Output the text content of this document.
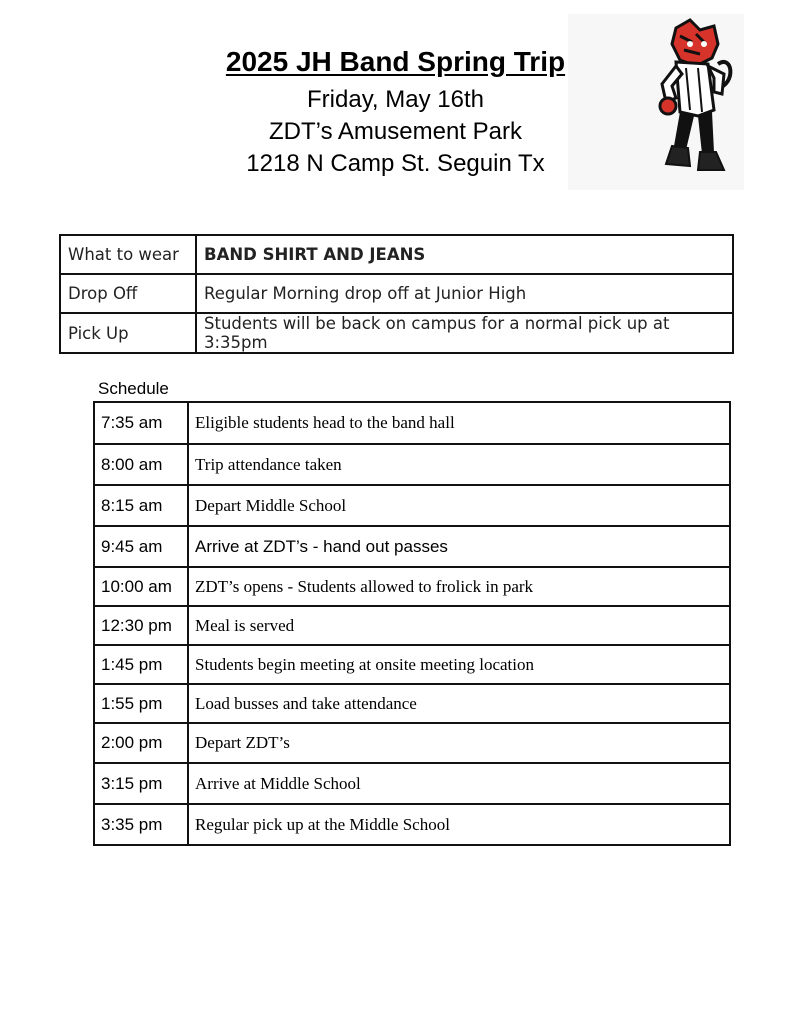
2025 JH Band Spring Trip
Friday, May 16th
ZDT’s Amusement Park
1218 N Camp St. Seguin Tx
What to wear	BAND SHIRT AND JEANS
Drop Off	Regular Morning drop off at Junior High
Pick Up	Students will be back on campus for a normal pick up at 3:35pm
Schedule
7:35 am	Eligible students head to the band hall
8:00 am	Trip attendance taken
8:15 am	Depart Middle School
9:45 am	Arrive at ZDT’s - hand out passes
10:00 am	ZDT’s opens - Students allowed to frolick in park
12:30 pm	Meal is served
1:45 pm	Students begin meeting at onsite meeting location
1:55 pm	Load busses and take attendance
2:00 pm	Depart ZDT’s
3:15 pm	Arrive at Middle School
3:35 pm	Regular pick up at the Middle School
